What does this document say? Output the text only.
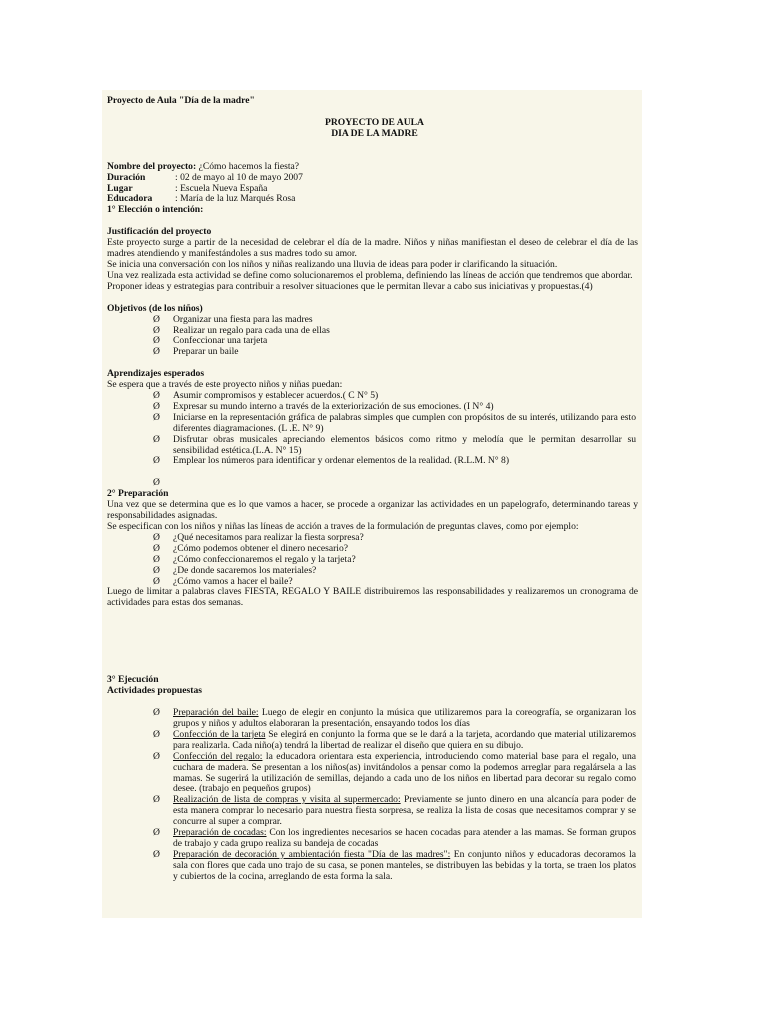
Proyecto de Aula "Día de la madre"
PROYECTO DE AULA
DIA DE LA MADRE
Nombre del proyecto: ¿Cómo hacemos la fiesta?
Duración	: 02 de mayo al 10 de mayo 2007
Lugar	: Escuela Nueva España
Educadora	: María de la luz Marqués Rosa
1° Elección o intención:
Justificación del proyecto
Este proyecto surge a partir de la necesidad de celebrar el día de la madre. Niños y niñas manifiestan el deseo de celebrar el día de las madres atendiendo y manifestándoles a sus madres todo su amor.
Se inicia una conversación con los niños y niñas realizando una lluvia de ideas para poder ir clarificando la situación.
Una vez realizada esta actividad se define como solucionaremos el problema, definiendo las líneas de acción que tendremos que abordar.
Proponer ideas y estrategias para contribuir a resolver situaciones que le permitan llevar a cabo sus iniciativas y propuestas.(4)
Objetivos (de los niños)
Ø Organizar una fiesta para las madres
Ø Realizar un regalo para cada una de ellas
Ø Confeccionar una tarjeta
Ø Preparar un baile
Aprendizajes esperados
Se espera que a través de este proyecto niños y niñas puedan:
Ø Asumir compromisos y establecer acuerdos.( C N° 5)
Ø Expresar su mundo interno a través de la exteriorización de sus emociones. (I N° 4)
Ø Iniciarse en la representación gráfica de palabras simples que cumplen con propósitos de su interés, utilizando para esto diferentes diagramaciones. (L .E. N° 9)
Ø Disfrutar obras musicales apreciando elementos básicos como ritmo y melodía que le permitan desarrollar su sensibilidad estética.(L.A. N° 15)
Ø Emplear los números para identificar y ordenar elementos de la realidad. (R.L.M. N° 8)
Ø

2° Preparación
Una vez que se determina que es lo que vamos a hacer, se procede a organizar las actividades en un papelografo, determinando tareas y responsabilidades asignadas.
Se especifican con los niños y niñas las líneas de acción a traves de la formulación de preguntas claves, como por ejemplo:
Ø ¿Qué necesitamos para realizar la fiesta sorpresa?
Ø ¿Cómo podemos obtener el dinero necesario?
Ø ¿Cómo confeccionaremos el regalo y la tarjeta?
Ø ¿De donde sacaremos los materiales?
Ø ¿Cómo vamos a hacer el baile?
Luego de limitar a palabras claves FIESTA, REGALO Y BAILE distribuiremos las responsabilidades y realizaremos un cronograma de actividades para estas dos semanas.
3° Ejecución
Actividades propuestas
Ø Preparación del baile: Luego de elegir en conjunto la música que utilizaremos para la coreografía, se organizaran los grupos y niños y adultos elaboraran la presentación, ensayando todos los días
Ø Confección de la tarjeta Se elegirá en conjunto la forma que se le dará a la tarjeta, acordando que material utilizaremos para realizarla. Cada niño(a) tendrá la libertad de realizar el diseño que quiera en su dibujo.
Ø Confección del regalo: la educadora orientara esta experiencia, introduciendo como material base para el regalo, una cuchara de madera. Se presentan a los niños(as) invitándolos a pensar como la podemos arreglar para regalársela a las mamas. Se sugerirá la utilización de semillas, dejando a cada uno de los niños en libertad para decorar su regalo como desee. (trabajo en pequeños grupos)
Ø Realización de lista de compras y visita al supermercado: Previamente se junto dinero en una alcancía para poder de esta manera comprar lo necesario para nuestra fiesta sorpresa, se realiza la lista de cosas que necesitamos comprar y se concurre al super a comprar.
Ø Preparación de cocadas: Con los ingredientes necesarios se hacen cocadas para atender a las mamas. Se forman grupos de trabajo y cada grupo realiza su bandeja de cocadas
Ø Preparación de decoración y ambientación fiesta "Día de las madres": En conjunto niños y educadoras decoramos la sala con flores que cada uno trajo de su casa, se ponen manteles, se distribuyen las bebidas y la torta, se traen los platos y cubiertos de la cocina, arreglando de esta forma la sala.
